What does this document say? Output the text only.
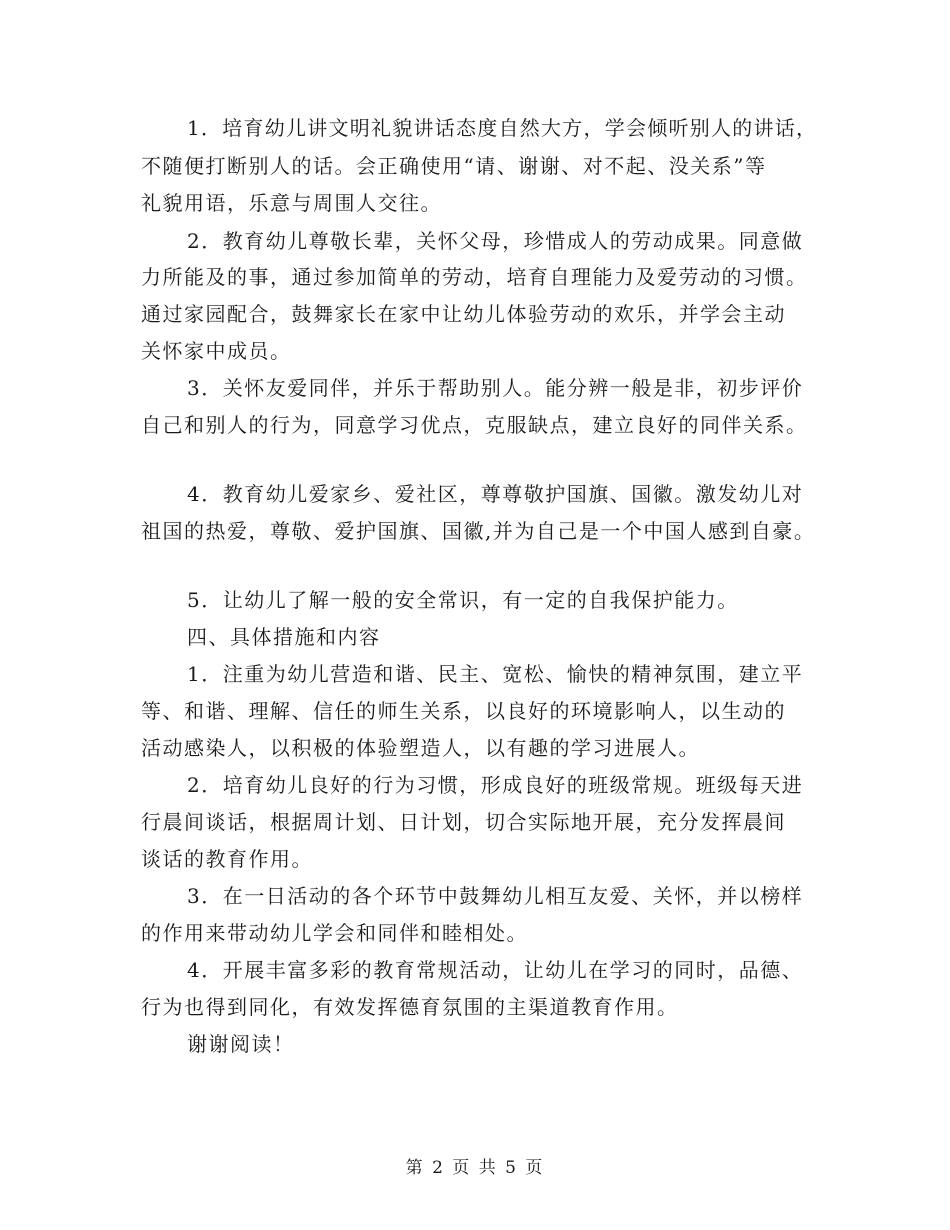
1．培育幼儿讲文明礼貌讲话态度自然大方，学会倾听别人的讲话，
不随便打断别人的话。会正确使用“请、谢谢、对不起、没关系”等
礼貌用语，乐意与周围人交往。
2．教育幼儿尊敬长辈，关怀父母，珍惜成人的劳动成果。同意做
力所能及的事，通过参加简单的劳动，培育自理能力及爱劳动的习惯。
通过家园配合，鼓舞家长在家中让幼儿体验劳动的欢乐，并学会主动
关怀家中成员。
3．关怀友爱同伴，并乐于帮助别人。能分辨一般是非，初步评价
自己和别人的行为，同意学习优点，克服缺点，建立良好的同伴关系。
4．教育幼儿爱家乡、爱社区，尊尊敬护国旗、国徽。激发幼儿对
祖国的热爱，尊敬、爱护国旗、国徽,并为自己是一个中国人感到自豪。
5．让幼儿了解一般的安全常识，有一定的自我保护能力。
四、具体措施和内容
1．注重为幼儿营造和谐、民主、宽松、愉快的精神氛围，建立平
等、和谐、理解、信任的师生关系，以良好的环境影响人，以生动的
活动感染人，以积极的体验塑造人，以有趣的学习进展人。
2．培育幼儿良好的行为习惯，形成良好的班级常规。班级每天进
行晨间谈话，根据周计划、日计划，切合实际地开展，充分发挥晨间
谈话的教育作用。
3．在一日活动的各个环节中鼓舞幼儿相互友爱、关怀，并以榜样
的作用来带动幼儿学会和同伴和睦相处。
4．开展丰富多彩的教育常规活动，让幼儿在学习的同时，品德、
行为也得到同化，有效发挥德育氛围的主渠道教育作用。
谢谢阅读！
第 2 页 共 5 页
